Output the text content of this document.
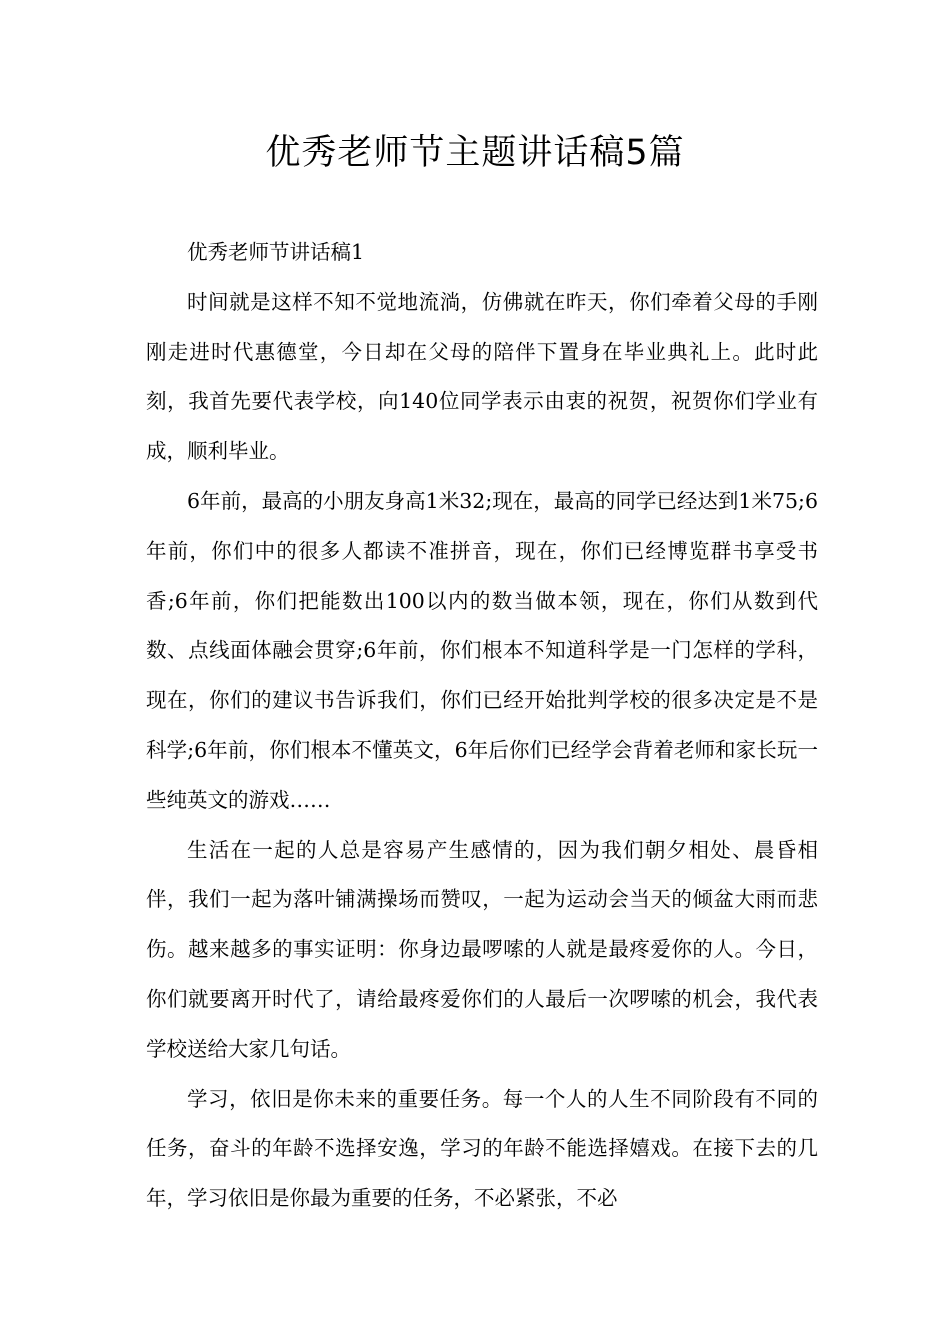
优秀老师节主题讲话稿5篇

优秀老师节讲话稿1

时间就是这样不知不觉地流淌，仿佛就在昨天，你们牵着父母的手刚刚走进时代惠德堂，今日却在父母的陪伴下置身在毕业典礼上。此时此刻，我首先要代表学校，向140位同学表示由衷的祝贺，祝贺你们学业有成，顺利毕业。

6年前，最高的小朋友身高1米32;现在，最高的同学已经达到1米75;6年前，你们中的很多人都读不准拼音，现在，你们已经博览群书享受书香;6年前，你们把能数出100以内的数当做本领，现在，你们从数到代数、点线面体融会贯穿;6年前，你们根本不知道科学是一门怎样的学科，现在，你们的建议书告诉我们，你们已经开始批判学校的很多决定是不是科学;6年前，你们根本不懂英文，6年后你们已经学会背着老师和家长玩一些纯英文的游戏……

生活在一起的人总是容易产生感情的，因为我们朝夕相处、晨昏相伴，我们一起为落叶铺满操场而赞叹，一起为运动会当天的倾盆大雨而悲伤。越来越多的事实证明：你身边最啰嗦的人就是最疼爱你的人。今日，你们就要离开时代了，请给最疼爱你们的人最后一次啰嗦的机会，我代表学校送给大家几句话。

学习，依旧是你未来的重要任务。每一个人的人生不同阶段有不同的任务，奋斗的年龄不选择安逸，学习的年龄不能选择嬉戏。在接下去的几年，学习依旧是你最为重要的任务，不必紧张，不必
